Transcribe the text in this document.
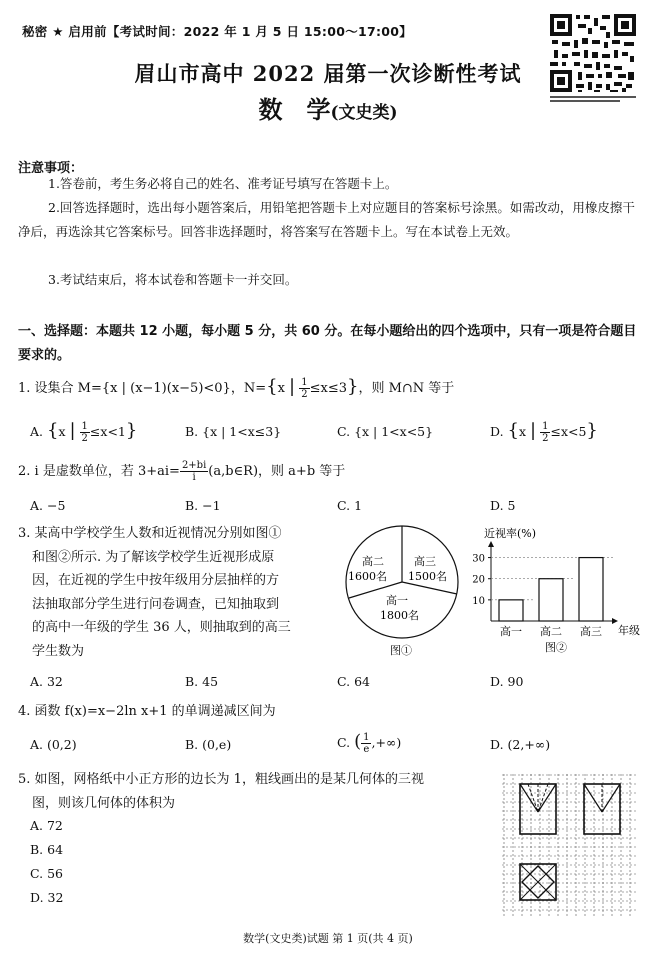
秘密 ★ 启用前【考试时间：2022 年 1 月 5 日 15:00～17:00】
眉山市高中 2022 届第一次诊断性考试
数　学(文史类)
注意事项：
1.答卷前，考生务必将自己的姓名、准考证号填写在答题卡上。
2.回答选择题时，选出每小题答案后，用铅笔把答题卡上对应题目的答案标号涂黑。如需改动，用橡皮擦干净后，再选涂其它答案标号。回答非选择题时，将答案写在答题卡上。写在本试卷上无效。
3.考试结束后，将本试卷和答题卡一并交回。
一、选择题：本题共 12 小题，每小题 5 分，共 60 分。在每小题给出的四个选项中，只有一项是符合题目要求的。
1. 设集合 M={x | (x−1)(x−5)<0}，N={x | $\frac{1}{2} \le x\le 3$}，则 M∩N 等于
A. {x | $\frac{1}{2} \le x<1$}	B. {x | 1<x≤3}	C. {x | 1<x<5}	D. {x | $\frac{1}{2} \le x<5$}
2. i 是虚数单位，若 $3+ai= \frac{2+bi}{i}$ (a,b∈R)，则 a+b 等于
A. −5	B. −1	C. 1	D. 5
3. 某高中学校学生人数和近视情况分别如图①
和图②所示. 为了解该学校学生近视形成原
因，在近视的学生中按年级用分层抽样的方
法抽取部分学生进行问卷调查，已知抽取到
的高中一年级的学生 36 人，则抽取到的高三
学生数为
高二
1600名
高三
1500名
高一
1800名
图①
近视率(%)
年级
图②
10
20
30
高一 高二 高三
A. 32	B. 45	C. 64	D. 90
4. 函数 f(x)=x−2ln x+1 的单调递减区间为
A. (0,2)	B. (0,e)	C. ( $\frac{1}{e}$ ,+∞)	D. (2,+∞)
5. 如图，网格纸中小正方形的边长为 1，粗线画出的是某几何体的三视
图，则该几何体的体积为
A. 72
B. 64
C. 56
D. 32
数学(文史类)试题 第 1 页(共 4 页)
